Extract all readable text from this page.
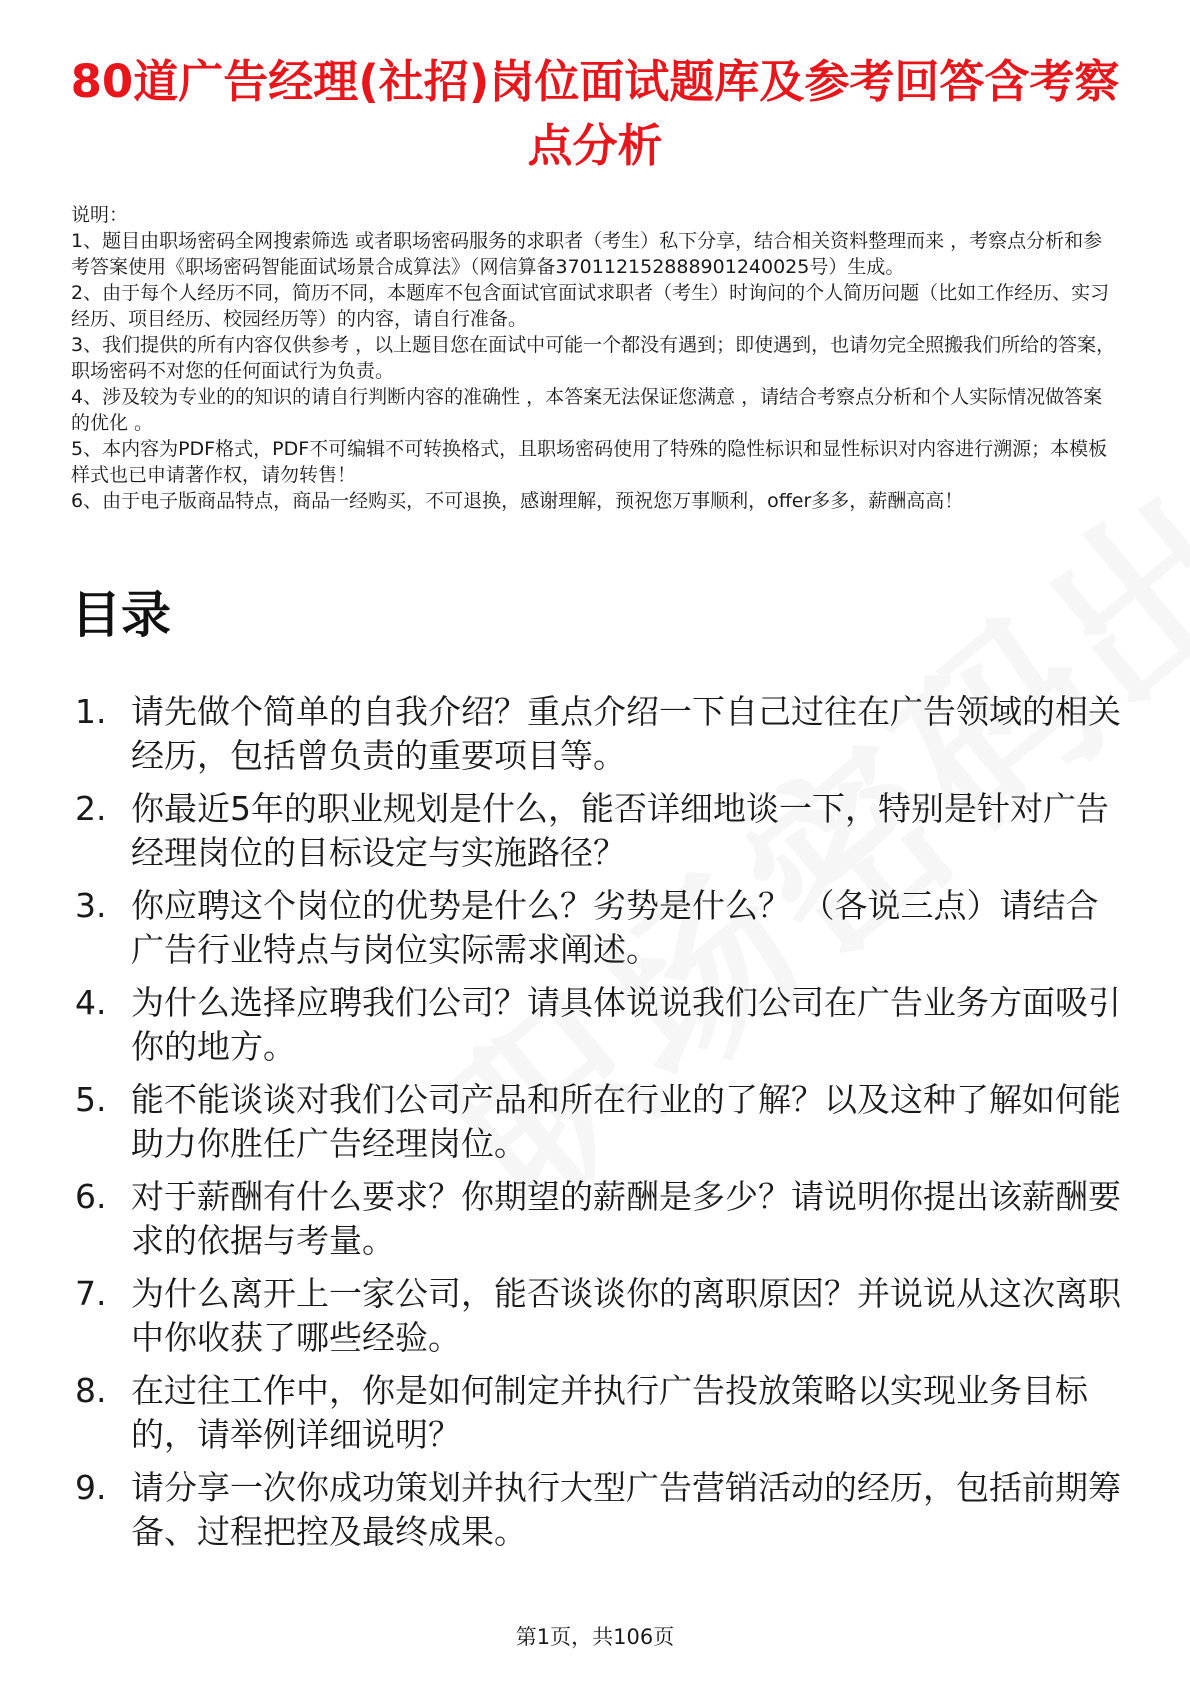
80道广告经理(社招)岗位面试题库及参考回答含考察点分析

说明：

1、题目由职场密码全网搜索筛选 或者职场密码服务的求职者（考生）私下分享，结合相关资料整理而来 ，考察点分析和参考答案使用《职场密码智能面试场景合成算法》（网信算备370112152888901240025号）生成。

2、由于每个人经历不同，简历不同，本题库不包含面试官面试求职者（考生）时询问的个人简历问题（比如工作经历、实习经历、项目经历、校园经历等）的内容，请自行准备。

3、我们提供的所有内容仅供参考 ，以上题目您在面试中可能一个都没有遇到；即使遇到，也请勿完全照搬我们所给的答案，职场密码不对您的任何面试行为负责。

4、涉及较为专业的的知识的请自行判断内容的准确性 ，本答案无法保证您满意 ，请结合考察点分析和个人实际情况做答案的优化 。

5、本内容为PDF格式，PDF不可编辑不可转换格式，且职场密码使用了特殊的隐性标识和显性标识对内容进行溯源；本模板样式也已申请著作权，请勿转售！

6、由于电子版商品特点，商品一经购买，不可退换，感谢理解，预祝您万事顺利，offer多多，薪酬高高！

目录
1. 请先做个简单的自我介绍？重点介绍一下自己过往在广告领域的相关经历，包括曾负责的重要项目等。
2. 你最近5年的职业规划是什么，能否详细地谈一下，特别是针对广告经理岗位的目标设定与实施路径？
3. 你应聘这个岗位的优势是什么？劣势是什么？ （各说三点）请结合广告行业特点与岗位实际需求阐述。
4. 为什么选择应聘我们公司？请具体说说我们公司在广告业务方面吸引你的地方。
5. 能不能谈谈对我们公司产品和所在行业的了解？以及这种了解如何能助力你胜任广告经理岗位。
6. 对于薪酬有什么要求？你期望的薪酬是多少？请说明你提出该薪酬要求的依据与考量。
7. 为什么离开上一家公司，能否谈谈你的离职原因？并说说从这次离职中你收获了哪些经验。
8. 在过往工作中，你是如何制定并执行广告投放策略以实现业务目标的，请举例详细说明？
9. 请分享一次你成功策划并执行大型广告营销活动的经历，包括前期筹备、过程把控及最终成果。
第1页，共106页
